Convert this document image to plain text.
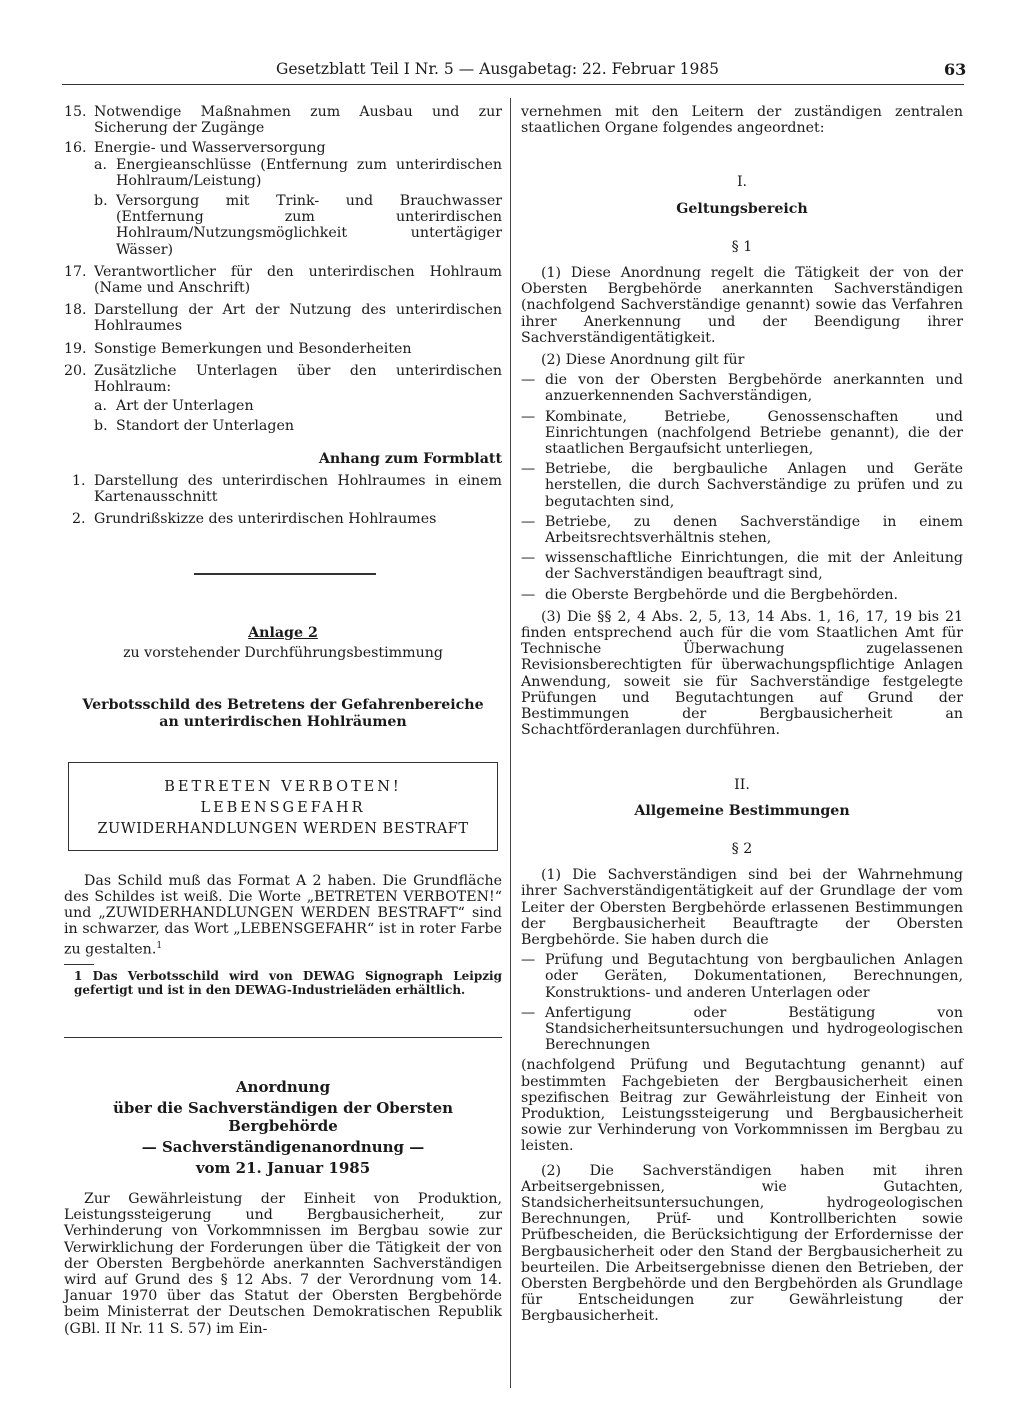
Gesetzblatt Teil I Nr. 5 — Ausgabetag: 22. Februar 1985	63
15. Notwendige Maßnahmen zum Ausbau und zur Sicherung der Zugänge
16. Energie- und Wasserversorgung
a. Energieanschlüsse (Entfernung zum unterirdischen Hohlraum/Leistung)
b. Versorgung mit Trink- und Brauchwasser (Entfernung zum unterirdischen Hohlraum/Nutzungsmöglichkeit untertägiger Wässer)
17. Verantwortlicher für den unterirdischen Hohlraum (Name und Anschrift)
18. Darstellung der Art der Nutzung des unterirdischen Hohlraumes
19. Sonstige Bemerkungen und Besonderheiten
20. Zusätzliche Unterlagen über den unterirdischen Hohlraum:
a. Art der Unterlagen
b. Standort der Unterlagen

Anhang zum Formblatt

1. Darstellung des unterirdischen Hohlraumes in einem Kartenausschnitt
2. Grundrißskizze des unterirdischen Hohlraumes

Anlage 2

zu vorstehender Durchführungsbestimmung

Verbotsschild des Betretens der Gefahrenbereiche

an unterirdischen Hohlräumen

BETRETEN VERBOTEN!
LEBENSGEFAHR
ZUWIDERHANDLUNGEN WERDEN BESTRAFT

Das Schild muß das Format A 2 haben. Die Grundfläche des Schildes ist weiß. Die Worte „BETRETEN VERBOTEN!“ und „ZUWIDERHANDLUNGEN WERDEN BESTRAFT“ sind in schwarzer, das Wort „LEBENSGEFAHR“ ist in roter Farbe zu gestalten.$^1$

1 Das Verbotsschild wird von DEWAG Signograph Leipzig gefertigt und ist in den DEWAG-Industrieläden erhältlich.

Anordnung

über die Sachverständigen der Obersten Bergbehörde

— Sachverständigenanordnung —

vom 21. Januar 1985

Zur Gewährleistung der Einheit von Produktion, Leistungssteigerung und Bergbausicherheit, zur Verhinderung von Vorkommnissen im Bergbau sowie zur Verwirklichung der Forderungen über die Tätigkeit der von der Obersten Bergbehörde anerkannten Sachverständigen wird auf Grund des § 12 Abs. 7 der Verordnung vom 14. Januar 1970 über das Statut der Obersten Bergbehörde beim Ministerrat der Deutschen Demokratischen Republik (GBl. II Nr. 11 S. 57) im Ein-

vernehmen mit den Leitern der zuständigen zentralen staatlichen Organe folgendes angeordnet:

I.

Geltungsbereich

§ 1

(1) Diese Anordnung regelt die Tätigkeit der von der Obersten Bergbehörde anerkannten Sachverständigen (nachfolgend Sachverständige genannt) sowie das Verfahren ihrer Anerkennung und der Beendigung ihrer Sachverständigentätigkeit.

(2) Diese Anordnung gilt für

— die von der Obersten Bergbehörde anerkannten und anzuerkennenden Sachverständigen,
— Kombinate, Betriebe, Genossenschaften und Einrichtungen (nachfolgend Betriebe genannt), die der staatlichen Bergaufsicht unterliegen,
— Betriebe, die bergbauliche Anlagen und Geräte herstellen, die durch Sachverständige zu prüfen und zu begutachten sind,
— Betriebe, zu denen Sachverständige in einem Arbeitsrechtsverhältnis stehen,
— wissenschaftliche Einrichtungen, die mit der Anleitung der Sachverständigen beauftragt sind,
— die Oberste Bergbehörde und die Bergbehörden.

(3) Die §§ 2, 4 Abs. 2, 5, 13, 14 Abs. 1, 16, 17, 19 bis 21 finden entsprechend auch für die vom Staatlichen Amt für Technische Überwachung zugelassenen Revisionsberechtigten für überwachungspflichtige Anlagen Anwendung, soweit sie für Sachverständige festgelegte Prüfungen und Begutachtungen auf Grund der Bestimmungen der Bergbausicherheit an Schachtförderanlagen durchführen.

II.

Allgemeine Bestimmungen

§ 2

(1) Die Sachverständigen sind bei der Wahrnehmung ihrer Sachverständigentätigkeit auf der Grundlage der vom Leiter der Obersten Bergbehörde erlassenen Bestimmungen der Bergbausicherheit Beauftragte der Obersten Bergbehörde. Sie haben durch die

— Prüfung und Begutachtung von bergbaulichen Anlagen oder Geräten, Dokumentationen, Berechnungen, Konstruktions- und anderen Unterlagen oder
— Anfertigung oder Bestätigung von Standsicherheitsuntersuchungen und hydrogeologischen Berechnungen

(nachfolgend Prüfung und Begutachtung genannt) auf bestimmten Fachgebieten der Bergbausicherheit einen spezifischen Beitrag zur Gewährleistung der Einheit von Produktion, Leistungssteigerung und Bergbausicherheit sowie zur Verhinderung von Vorkommnissen im Bergbau zu leisten.

(2) Die Sachverständigen haben mit ihren Arbeitsergebnissen, wie Gutachten, Standsicherheitsuntersuchungen, hydrogeologischen Berechnungen, Prüf- und Kontrollberichten sowie Prüfbescheiden, die Berücksichtigung der Erfordernisse der Bergbausicherheit oder den Stand der Bergbausicherheit zu beurteilen. Die Arbeitsergebnisse dienen den Betrieben, der Obersten Bergbehörde und den Bergbehörden als Grundlage für Entscheidungen zur Gewährleistung der Bergbausicherheit.
